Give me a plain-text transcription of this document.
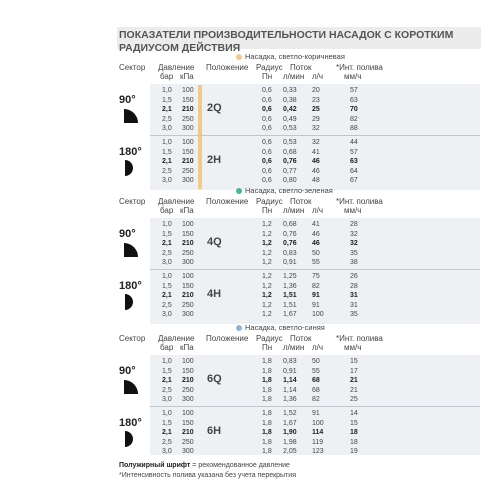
ПОКАЗАТЕЛИ ПРОИЗВОДИТЕЛЬНОСТИ НАСАДОК С КОРОТКИМ РАДИУСОМ ДЕЙСТВИЯ
Насадка, светло-коричневая
Сектор Давление
бар кПа
Положение Радиус
Пн
Поток
л/мин л/ч
*Инт. полива
мм/ч
90°
2Q
1,0 100	0,6 0,33 20	57
1,5 150	0,6 0,38 23	63
2,1 210	0,6 0,42 25	70
2,5 250	0,6 0,49 29	82
3,0 300	0,6 0,53 32	88
180°
2H
1,0 100	0,6 0,53 32	44
1,5 150	0,6 0,68 41	57
2,1 210	0,6 0,76 46	63
2,5 250	0,6 0,77 46	64
3,0 300	0,6 0,80 48	67
Насадка, светло-зеленая
Сектор Давление
бар кПа
Положение Радиус
Пн
Поток
л/мин л/ч
*Инт. полива
мм/ч
90°
4Q
1,0 100	1,2 0,68 41	28
1,5 150	1,2 0,76 46	32
2,1 210	1,2 0,76 46	32
2,5 250	1,2 0,83 50	35
3,0 300	1,2 0,91 55	38
180°
4H
1,0 100	1,2 1,25 75	26
1,5 150	1,2 1,36 82	28
2,1 210	1,2 1,51 91	31
2,5 250	1,2 1,51 91	31
3,0 300	1,2 1,67 100	35
Насадка, светло-синяя
Сектор Давление
бар кПа
Положение Радиус
Пн
Поток
л/мин л/ч
*Инт. полива
мм/ч
90°
6Q
1,0 100	1,8 0,83 50	15
1,5 150	1,8 0,91 55	17
2,1 210	1,8 1,14 68	21
2,5 250	1,8 1,14 68	21
3,0 300	1,8 1,36 82	25
180°
6H
1,0 100	1,8 1,52 91	14
1,5 150	1,8 1,67 100	15
2,1 210	1,8 1,90 114	18
2,5 250	1,8 1,98 119	18
3,0 300	1,8 2,05 123	19
Полужирный шрифт = рекомендованное давление
*Интенсивность полива указана без учета перекрытия
